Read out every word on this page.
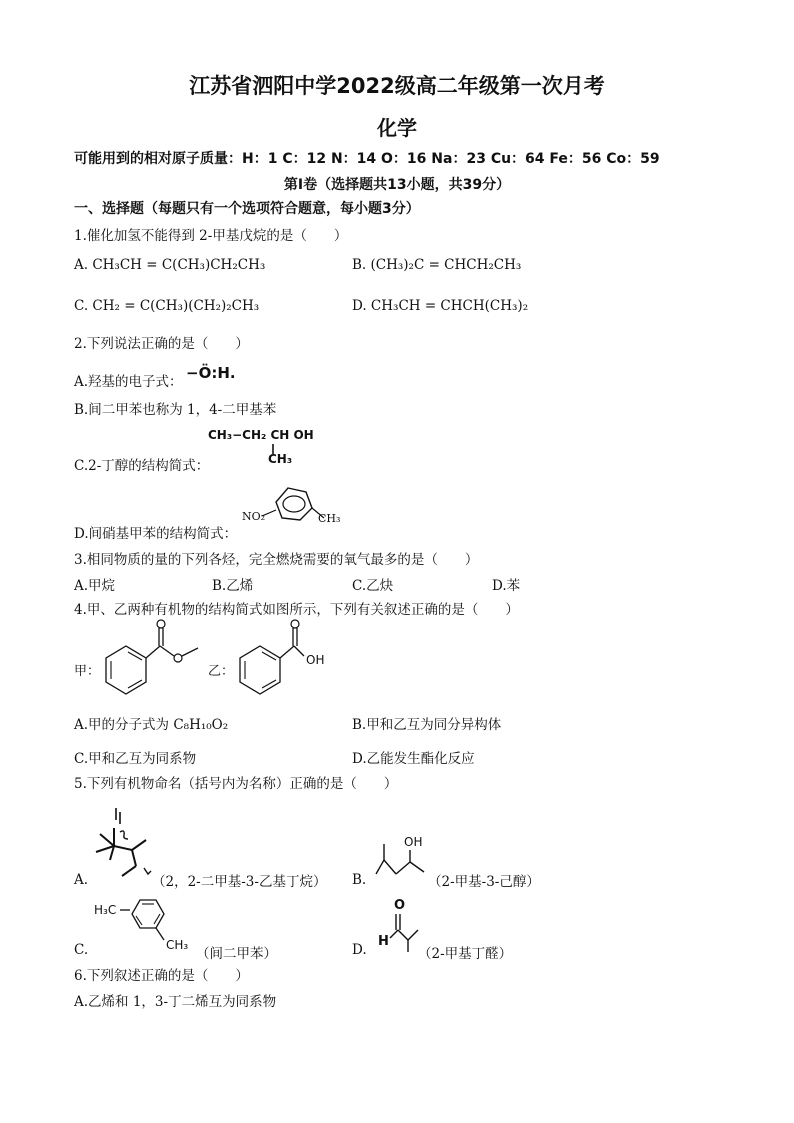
江苏省泗阳中学2022级高二年级第一次月考
化学
可能用到的相对原子质量：H：1 C：12 N：14 O：16 Na：23 Cu：64 Fe：56 Co：59
第Ⅰ卷（选择题共13小题，共39分）
一、选择题（每题只有一个选项符合题意，每小题3分）
1.催化加氢不能得到 2-甲基戊烷的是（　　）
A. CH₃CH = C(CH₃)CH₂CH₃	B. (CH₃)₂C = CHCH₂CH₃
C. CH₂ = C(CH₃)(CH₂)₂CH₃	D. CH₃CH = CHCH(CH₃)₂
2.下列说法正确的是（　　）
A.羟基的电子式： −Ö:H.
B.间二甲苯也称为 1，4-二甲基苯
C.2-丁醇的结构简式：
CH₃−CH₂ CH OH
CH₃
D.间硝基甲苯的结构简式：
NO₂	CH₃
3.相同物质的量的下列各烃，完全燃烧需要的氧气最多的是（　　）
A.甲烷	B.乙烯	C.乙炔	D.苯
4.甲、乙两种有机物的结构简式如图所示，下列有关叙述正确的是（　　）
甲：	乙：
OH
A.甲的分子式为 C₈H₁₀O₂	B.甲和乙互为同分异构体
C.甲和乙互为同系物	D.乙能发生酯化反应
5.下列有机物命名（括号内为名称）正确的是（　　）
A.	（2，2-二甲基-3-乙基丁烷） B.
OH
（2-甲基-3-己醇）
C.
H₃C
CH₃
（间二甲苯）	D.
O
H
（2-甲基丁醛）
6.下列叙述正确的是（　　）
A.乙烯和 1，3-丁二烯互为同系物
